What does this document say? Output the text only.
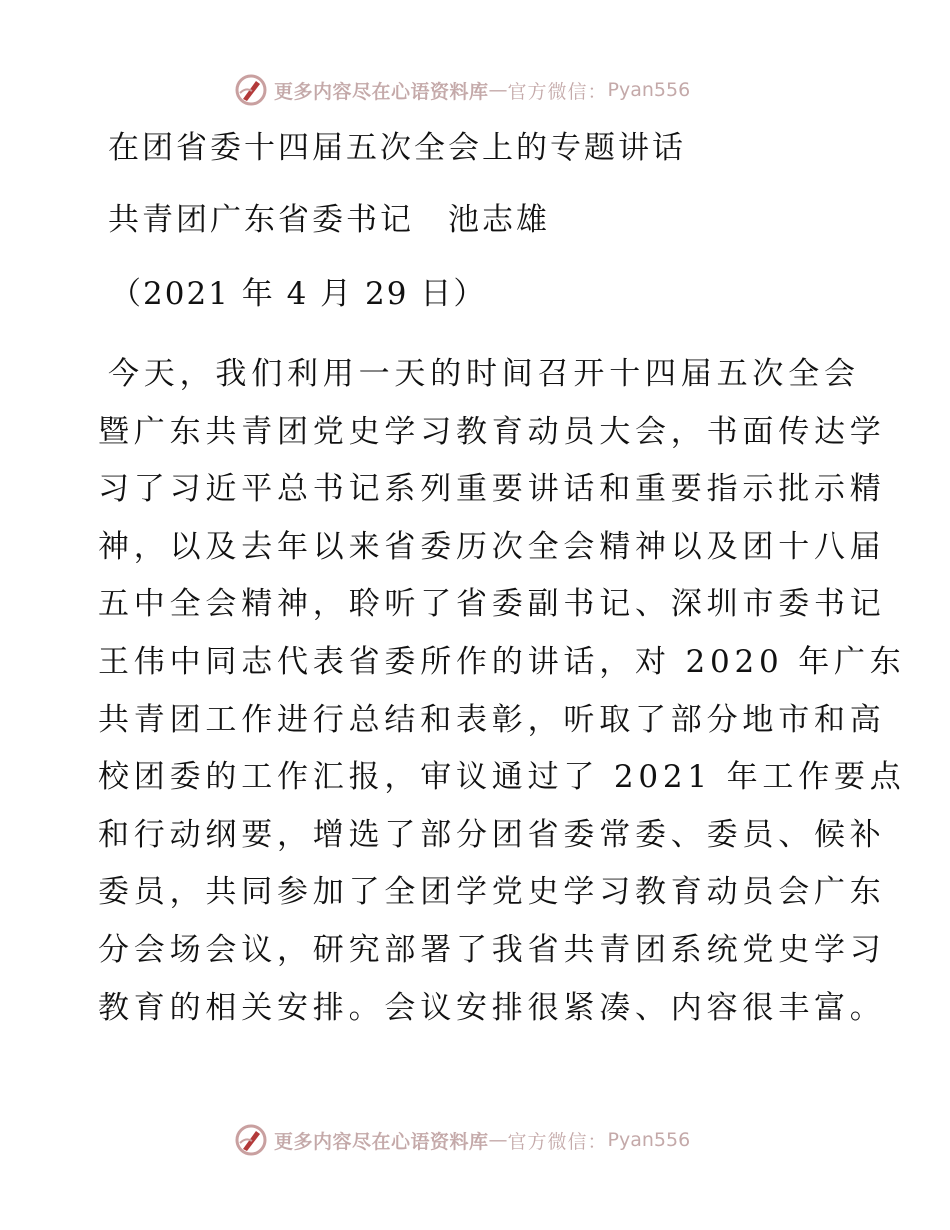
更多内容尽在心语资料库 — 官方微信： Pyan556
在团省委十四届五次全会上的专题讲话
共青团广东省委书记　池志雄
（2021 年 4 月 29 日）
今天，我们利用一天的时间召开十四届五次全会
暨广东共青团党史学习教育动员大会，书面传达学
习了习近平总书记系列重要讲话和重要指示批示精
神，以及去年以来省委历次全会精神以及团十八届
五中全会精神，聆听了省委副书记、深圳市委书记
王伟中同志代表省委所作的讲话，对 2020 年广东
共青团工作进行总结和表彰，听取了部分地市和高
校团委的工作汇报，审议通过了 2021 年工作要点
和行动纲要，增选了部分团省委常委、委员、候补
委员，共同参加了全团学党史学习教育动员会广东
分会场会议，研究部署了我省共青团系统党史学习
教育的相关安排。会议安排很紧凑、内容很丰富。
更多内容尽在心语资料库 — 官方微信： Pyan556
